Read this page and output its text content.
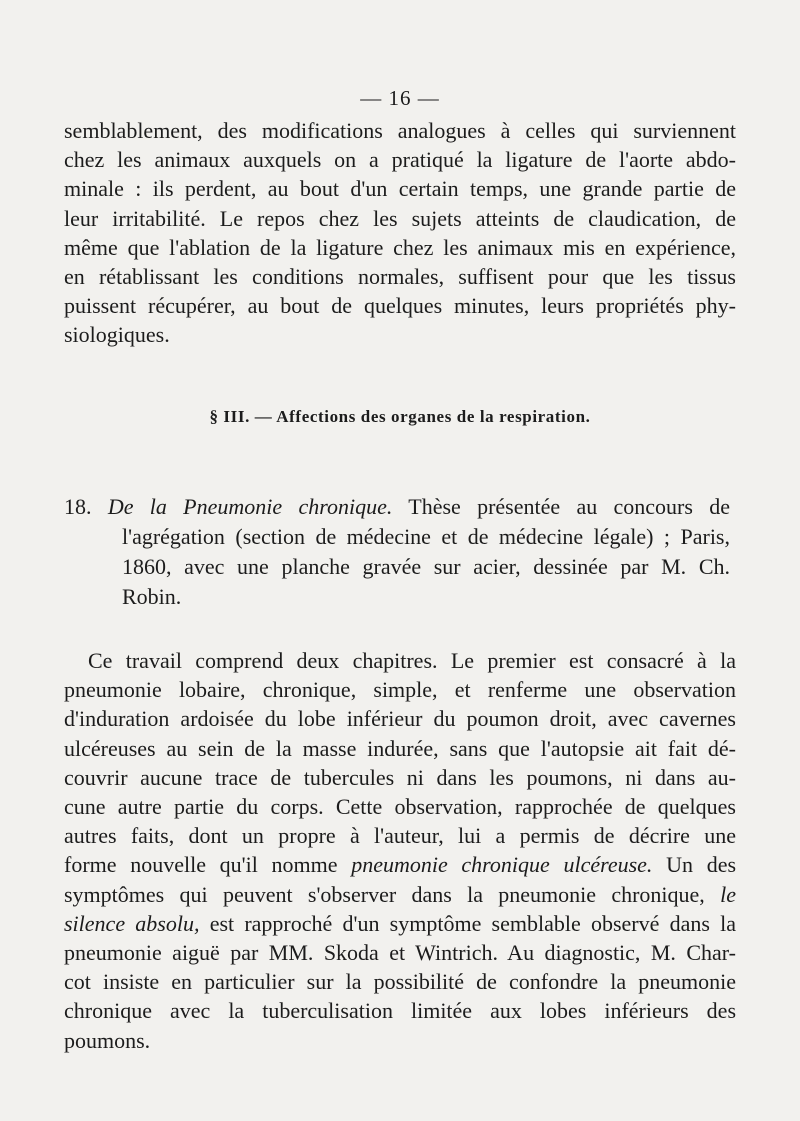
— 16 —
semblablement, des modifications analogues à celles qui surviennent
chez les animaux auxquels on a pratiqué la ligature de l'aorte abdo-
minale : ils perdent, au bout d'un certain temps, une grande partie de
leur irritabilité. Le repos chez les sujets atteints de claudication, de
même que l'ablation de la ligature chez les animaux mis en expérience,
en rétablissant les conditions normales, suffisent pour que les tissus
puissent récupérer, au bout de quelques minutes, leurs propriétés phy-
siologiques.
§ III. — Affections des organes de la respiration.
18. De la Pneumonie chronique. Thèse présentée au concours de
l'agrégation (section de médecine et de médecine légale) ; Paris,
1860, avec une planche gravée sur acier, dessinée par M. Ch.
Robin.
Ce travail comprend deux chapitres. Le premier est consacré à la
pneumonie lobaire, chronique, simple, et renferme une observation
d'induration ardoisée du lobe inférieur du poumon droit, avec cavernes
ulcéreuses au sein de la masse indurée, sans que l'autopsie ait fait dé-
couvrir aucune trace de tubercules ni dans les poumons, ni dans au-
cune autre partie du corps. Cette observation, rapprochée de quelques
autres faits, dont un propre à l'auteur, lui a permis de décrire une
forme nouvelle qu'il nomme pneumonie chronique ulcéreuse. Un des
symptômes qui peuvent s'observer dans la pneumonie chronique, le
silence absolu, est rapproché d'un symptôme semblable observé dans la
pneumonie aiguë par MM. Skoda et Wintrich. Au diagnostic, M. Char-
cot insiste en particulier sur la possibilité de confondre la pneumonie
chronique avec la tuberculisation limitée aux lobes inférieurs des
poumons.
